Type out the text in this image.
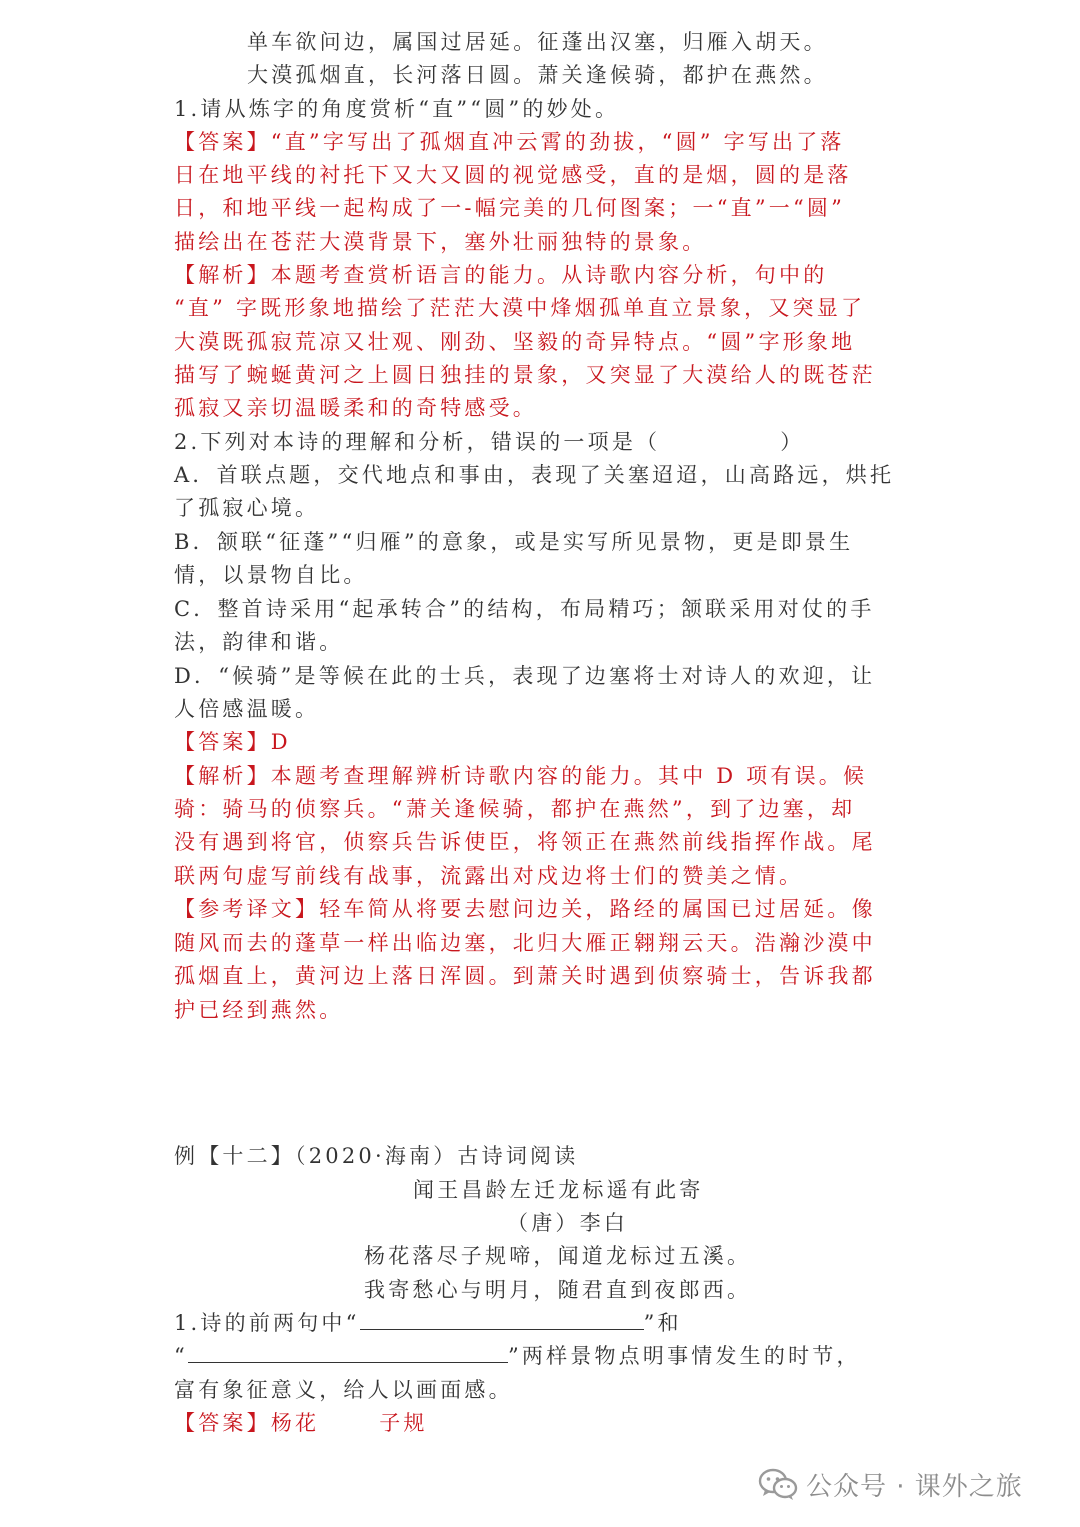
单车欲问边，属国过居延。征蓬出汉塞，归雁入胡天。
大漠孤烟直，长河落日圆。萧关逢候骑，都护在燕然。
1.请从炼字的角度赏析“直”“圆”的妙处。
【答案】“直”字写出了孤烟直冲云霄的劲拔，“圆” 字写出了落
日在地平线的衬托下又大又圆的视觉感受，直的是烟，圆的是落
日，和地平线一起构成了一-幅完美的几何图案；一“直”一“圆”
描绘出在苍茫大漠背景下，塞外壮丽独特的景象。
【解析】本题考查赏析语言的能力。从诗歌内容分析，句中的
“直” 字既形象地描绘了茫茫大漠中烽烟孤单直立景象，又突显了
大漠既孤寂荒凉又壮观、刚劲、坚毅的奇异特点。“圆”字形象地
描写了蜿蜒黄河之上圆日独挂的景象，又突显了大漠给人的既苍茫
孤寂又亲切温暖柔和的奇特感受。
2.下列对本诗的理解和分析，错误的一项是（	）
A．首联点题，交代地点和事由，表现了关塞迢迢，山高路远，烘托
了孤寂心境。
B．颔联“征蓬”“归雁”的意象，或是实写所见景物，更是即景生
情，以景物自比。
C．整首诗采用“起承转合”的结构，布局精巧；颔联采用对仗的手
法，韵律和谐。
D．“候骑”是等候在此的士兵，表现了边塞将士对诗人的欢迎，让
人倍感温暖。
【答案】D
【解析】本题考查理解辨析诗歌内容的能力。其中 D 项有误。候
骑：骑马的侦察兵。“萧关逢候骑，都护在燕然”，到了边塞，却
没有遇到将官，侦察兵告诉使臣，将领正在燕然前线指挥作战。尾
联两句虚写前线有战事，流露出对戍边将士们的赞美之情。
【参考译文】轻车简从将要去慰问边关，路经的属国已过居延。像
随风而去的蓬草一样出临边塞，北归大雁正翱翔云天。浩瀚沙漠中
孤烟直上，黄河边上落日浑圆。到萧关时遇到侦察骑士，告诉我都
护已经到燕然。
例【十二】（2020·海南）古诗词阅读
闻王昌龄左迁龙标遥有此寄
（唐）李白
杨花落尽子规啼，闻道龙标过五溪。
我寄愁心与明月，随君直到夜郎西。
1.诗的前两句中“	”和
“	”两样景物点明事情发生的时节，
富有象征意义，给人以画面感。
【答案】杨花	子规
公众号 · 课外之旅
